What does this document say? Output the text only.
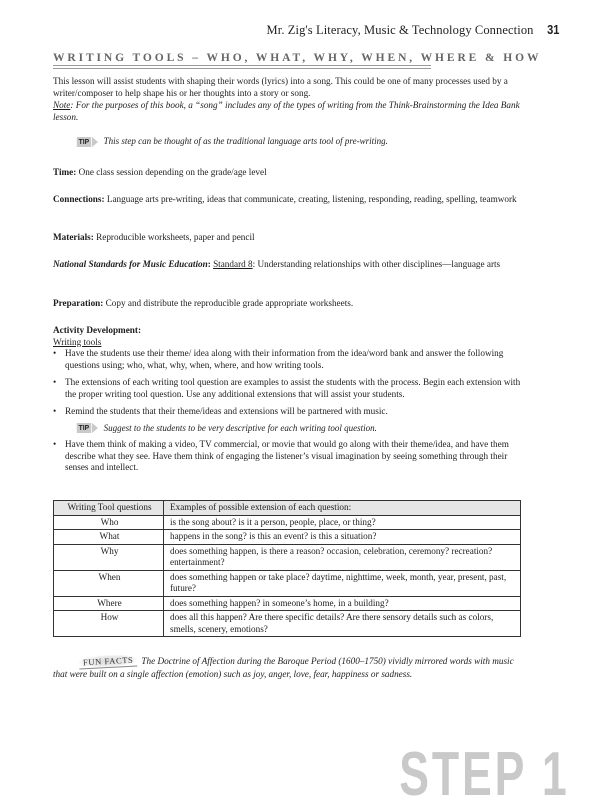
Mr. Zig's Literacy, Music & Technology Connection 31
WRITING TOOLS – WHO, WHAT, WHY, WHEN, WHERE & HOW

This lesson will assist students with shaping their words (lyrics) into a song. This could be one of many processes used by a writer/composer to help shape his or her thoughts into a story or song.

Note: For the purposes of this book, a “song” includes any of the types of writing from the Think-Brainstorming the Idea Bank lesson.

TIP This step can be thought of as the traditional language arts tool of pre-writing.

Time: One class session depending on the grade/age level

Connections: Language arts pre-writing, ideas that communicate, creating, listening, responding, reading, spelling, teamwork

Materials: Reproducible worksheets, paper and pencil

National Standards for Music Education: Standard 8: Understanding relationships with other disciplines—language arts

Preparation: Copy and distribute the reproducible grade appropriate worksheets.

Activity Development:

Writing tools

• Have the students use their theme/ idea along with their information from the idea/word bank and answer the following questions using; who, what, why, when, where, and how writing tools.
• The extensions of each writing tool question are examples to assist the students with the process. Begin each extension with the proper writing tool question. Use any additional extensions that will assist your students.
• Remind the students that their theme/ideas and extensions will be partnered with music.
TIP Suggest to the students to be very descriptive for each writing tool question.
• Have them think of making a video, TV commercial, or movie that would go along with their theme/idea, and have them describe what they see. Have them think of engaging the listener’s visual imagination by seeing something through their senses and intellect.
Writing Tool questions	Examples of possible extension of each question:
Who	is the song about? is it a person, people, place, or thing?
What	happens in the song? is this an event? is this a situation?
Why	does something happen, is there a reason? occasion, celebration, ceremony? recreation? entertainment?
When	does something happen or take place? daytime, nighttime, week, month, year, present, past, future?
Where	does something happen? in someone’s home, in a building?
How	does all this happen? Are there specific details? Are there sensory details such as colors, smells, scenery, emotions?
FUN FACTS The Doctrine of Affection during the Baroque Period (1600–1750) vividly mirrored words with music that were built on a single affection (emotion) such as joy, anger, love, fear, happiness or sadness.
STEP 1
